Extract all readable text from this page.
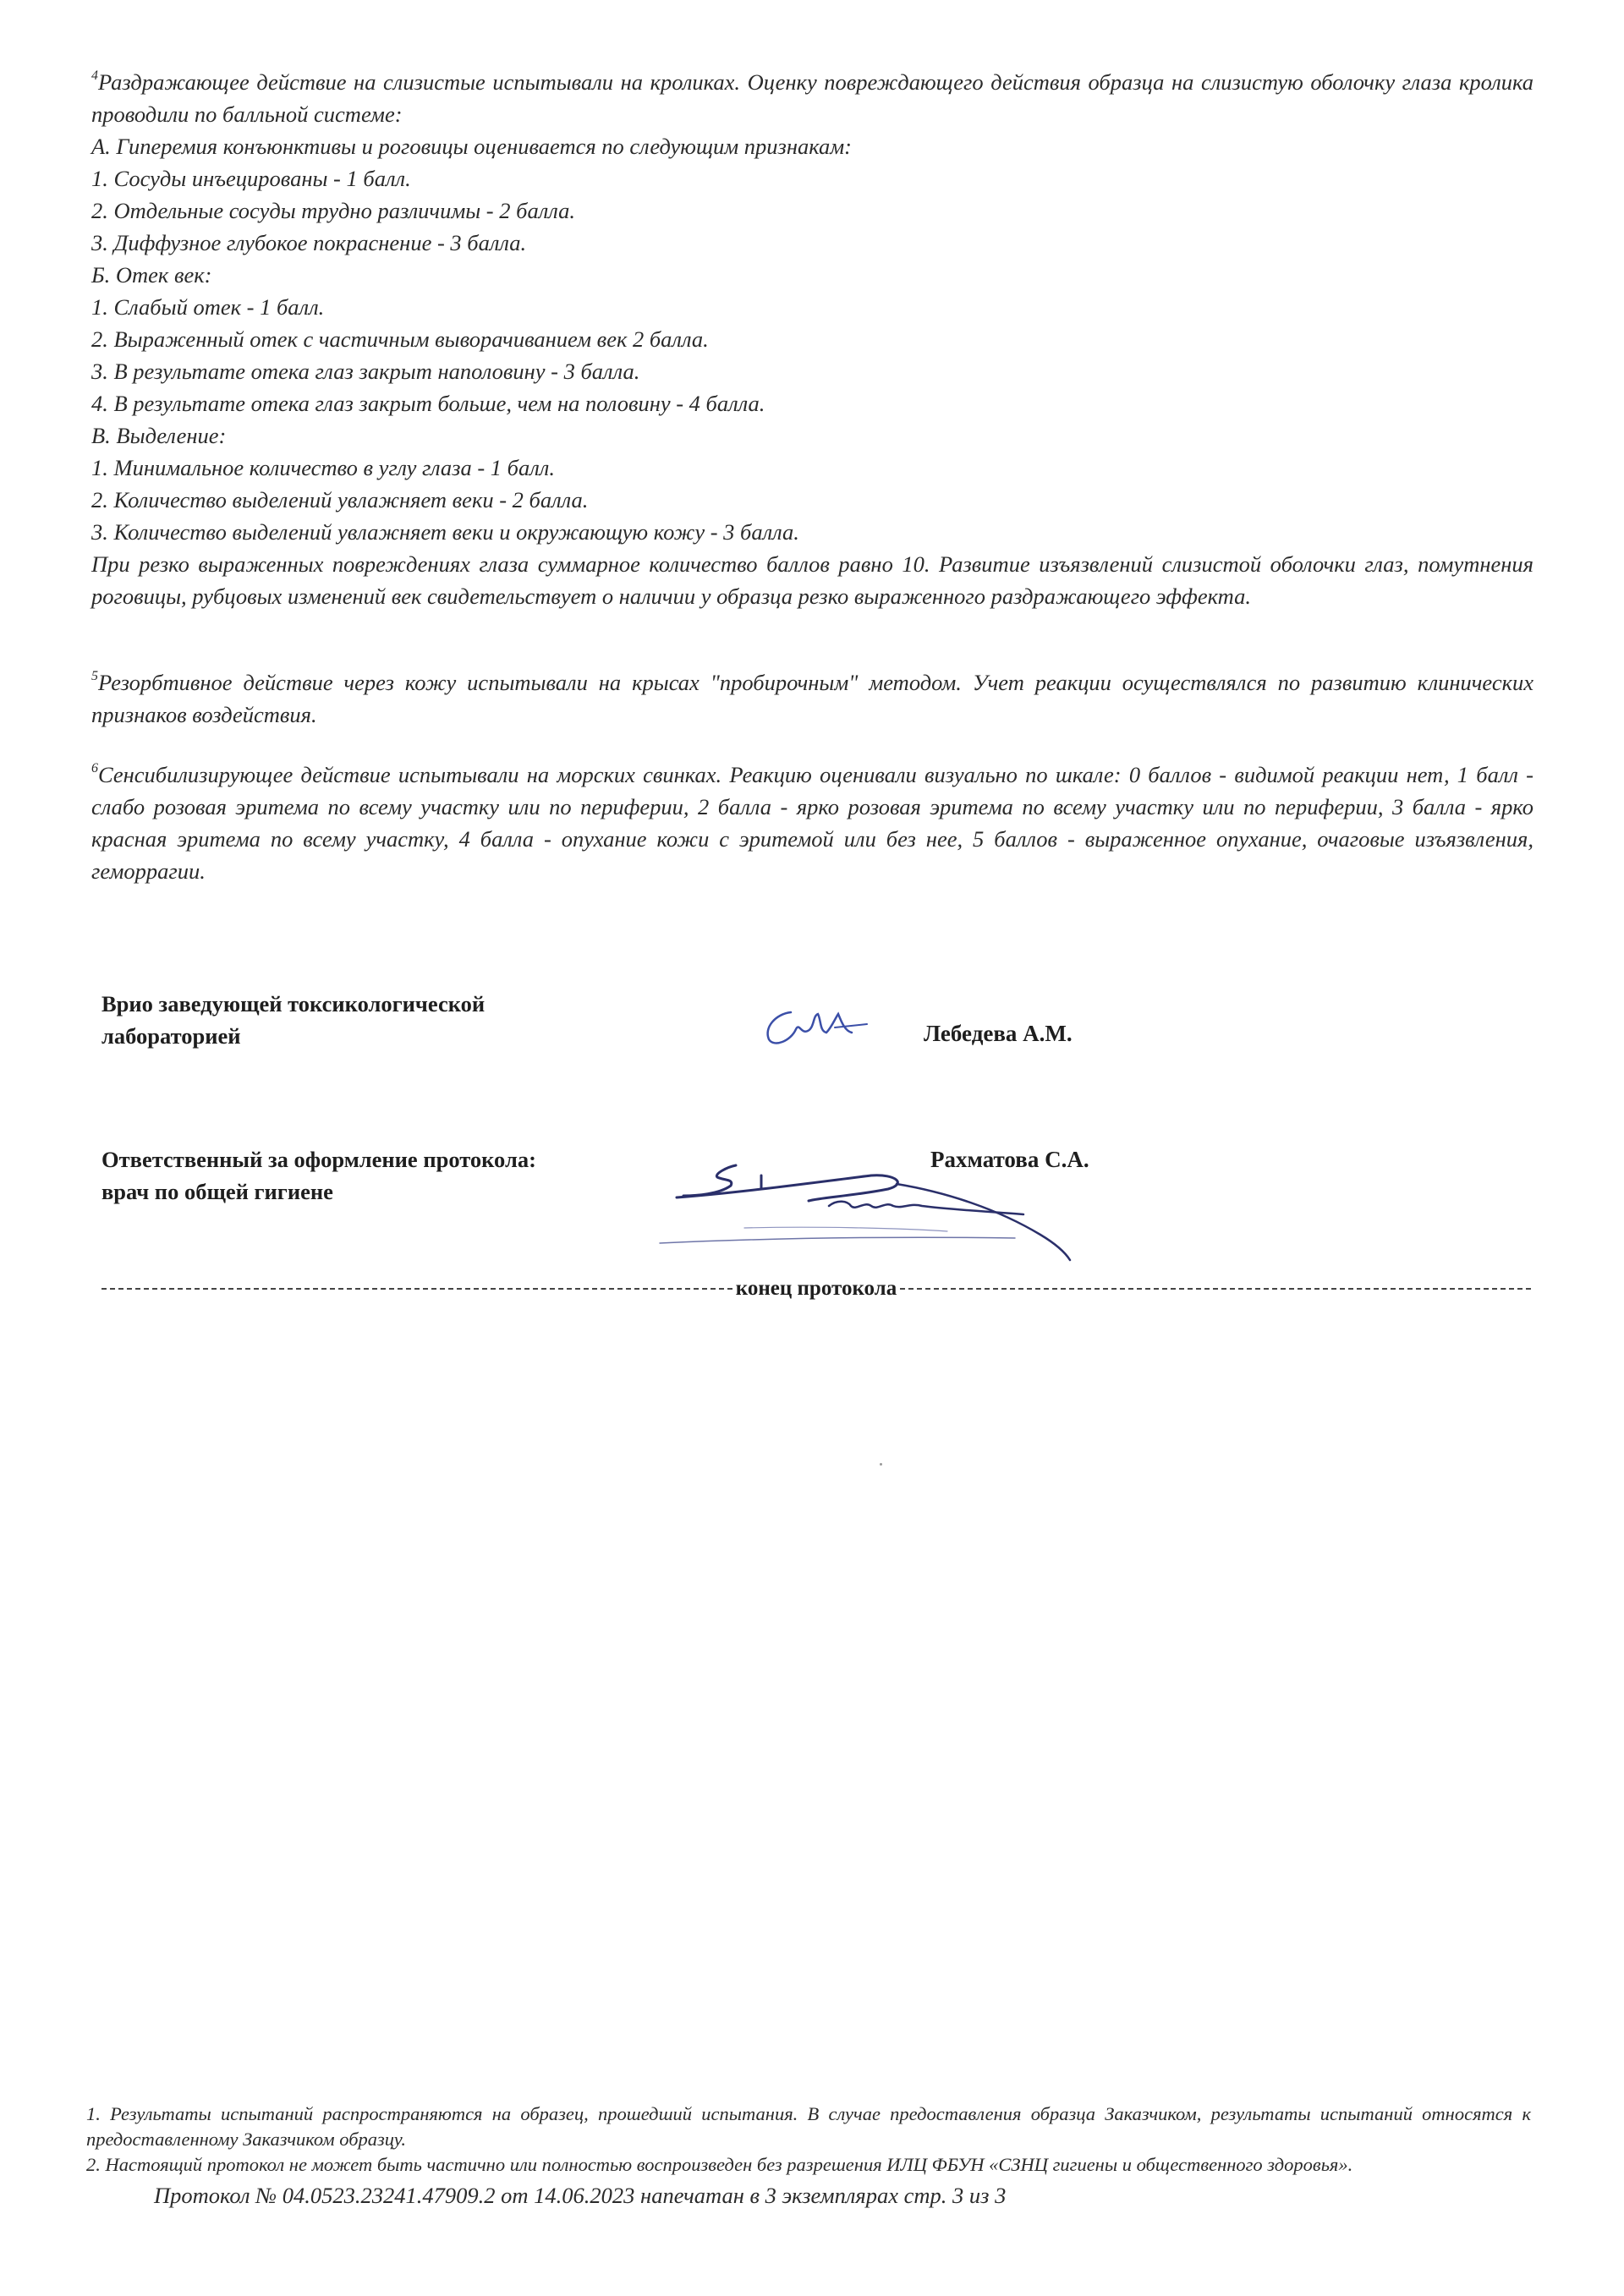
$^4$Раздражающее действие на слизистые испытывали на кроликах. Оценку повреждающего действия образца на слизистую оболочку глаза кролика проводили по балльной системе:

А. Гиперемия конъюнктивы и роговицы оценивается по следующим признакам:
1. Сосуды инъецированы - 1 балл.
2. Отдельные сосуды трудно различимы - 2 балла.
3. Диффузное глубокое покраснение - 3 балла.
Б. Отек век:
1. Слабый отек - 1 балл.
2. Выраженный отек с частичным выворачиванием век 2 балла.
3. В результате отека глаз закрыт наполовину - 3 балла.
4. В результате отека глаз закрыт больше, чем на половину - 4 балла.
В. Выделение:
1. Минимальное количество в углу глаза - 1 балл.
2. Количество выделений увлажняет веки - 2 балла.
3. Количество выделений увлажняет веки и окружающую кожу - 3 балла.

При резко выраженных повреждениях глаза суммарное количество баллов равно 10. Развитие изъязвлений слизистой оболочки глаз, помутнения роговицы, рубцовых изменений век свидетельствует о наличии у образца резко выраженного раздражающего эффекта.

$^5$Резорбтивное действие через кожу испытывали на крысах "пробирочным" методом. Учет реакции осуществлялся по развитию клинических признаков воздействия.

$^6$Сенсибилизирующее действие испытывали на морских свинках. Реакцию оценивали визуально по шкале: 0 баллов - видимой реакции нет, 1 балл - слабо розовая эритема по всему участку или по периферии, 2 балла - ярко розовая эритема по всему участку или по периферии, 3 балла - ярко красная эритема по всему участку, 4 балла - опухание кожи с эритемой или без нее, 5 баллов - выраженное опухание, очаговые изъязвления, геморрагии.

Врио заведующей токсикологической
лабораторией	Лебедева А.М.
Ответственный за оформление протокола:
врач по общей гигиене
Рахматова С.А.
конец протокола

1. Результаты испытаний распространяются на образец, прошедший испытания. В случае предоставления образца Заказчиком, результаты испытаний относятся к предоставленному Заказчиком образцу.

2. Настоящий протокол не может быть частично или полностью воспроизведен без разрешения ИЛЦ ФБУН «СЗНЦ гигиены и общественного здоровья».

Протокол № 04.0523.23241.47909.2 от 14.06.2023 напечатан в 3 экземплярах стр. 3 из 3
